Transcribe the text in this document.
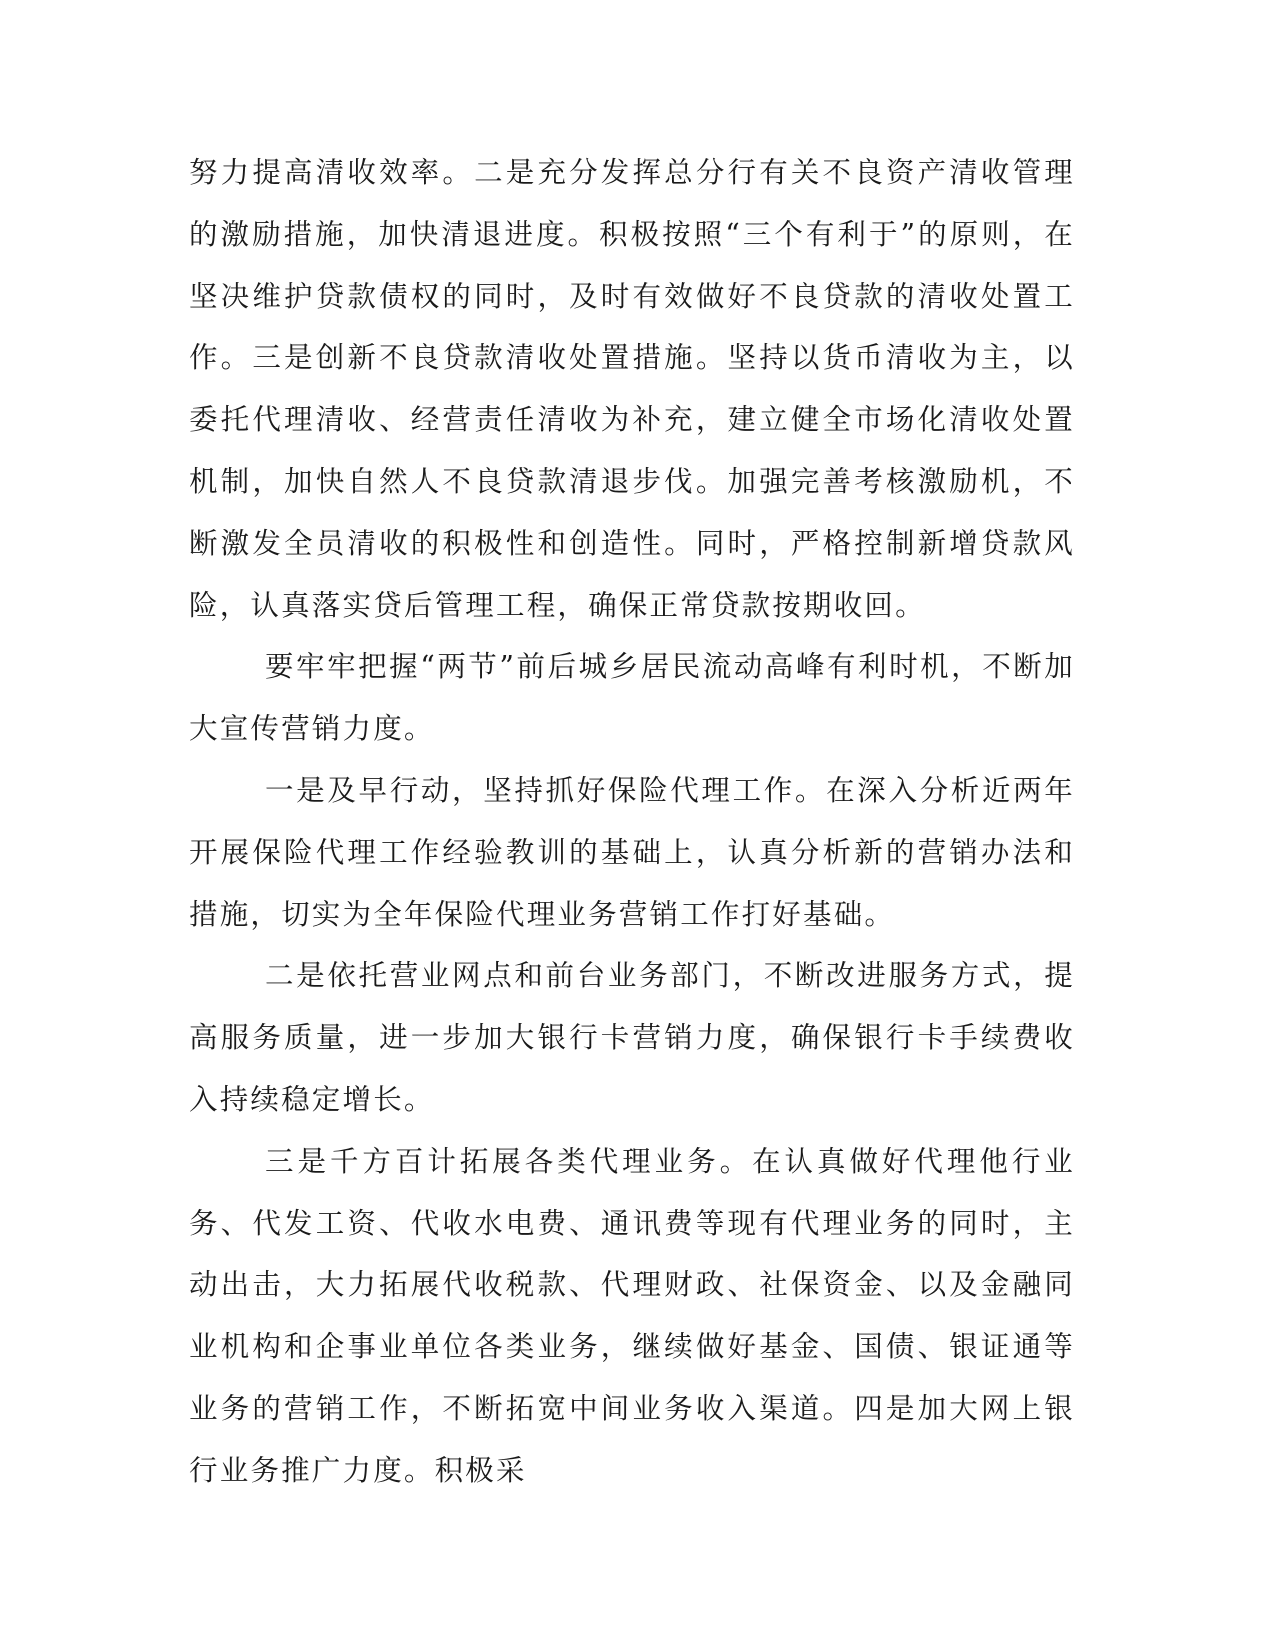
努力提高清收效率。二是充分发挥总分行有关不良资产清收管理的激励措施，加快清退进度。积极按照“三个有利于”的原则，在坚决维护贷款债权的同时，及时有效做好不良贷款的清收处置工作。三是创新不良贷款清收处置措施。坚持以货币清收为主，以委托代理清收、经营责任清收为补充，建立健全市场化清收处置机制，加快自然人不良贷款清退步伐。加强完善考核激励机，不断激发全员清收的积极性和创造性。同时，严格控制新增贷款风险，认真落实贷后管理工程，确保正常贷款按期收回。

要牢牢把握“两节”前后城乡居民流动高峰有利时机，不断加大宣传营销力度。

一是及早行动，坚持抓好保险代理工作。在深入分析近两年开展保险代理工作经验教训的基础上，认真分析新的营销办法和措施，切实为全年保险代理业务营销工作打好基础。

二是依托营业网点和前台业务部门，不断改进服务方式，提高服务质量，进一步加大银行卡营销力度，确保银行卡手续费收入持续稳定增长。

三是千方百计拓展各类代理业务。在认真做好代理他行业务、代发工资、代收水电费、通讯费等现有代理业务的同时，主动出击，大力拓展代收税款、代理财政、社保资金、以及金融同业机构和企事业单位各类业务，继续做好基金、国债、银证通等业务的营销工作，不断拓宽中间业务收入渠道。四是加大网上银行业务推广力度。积极采
